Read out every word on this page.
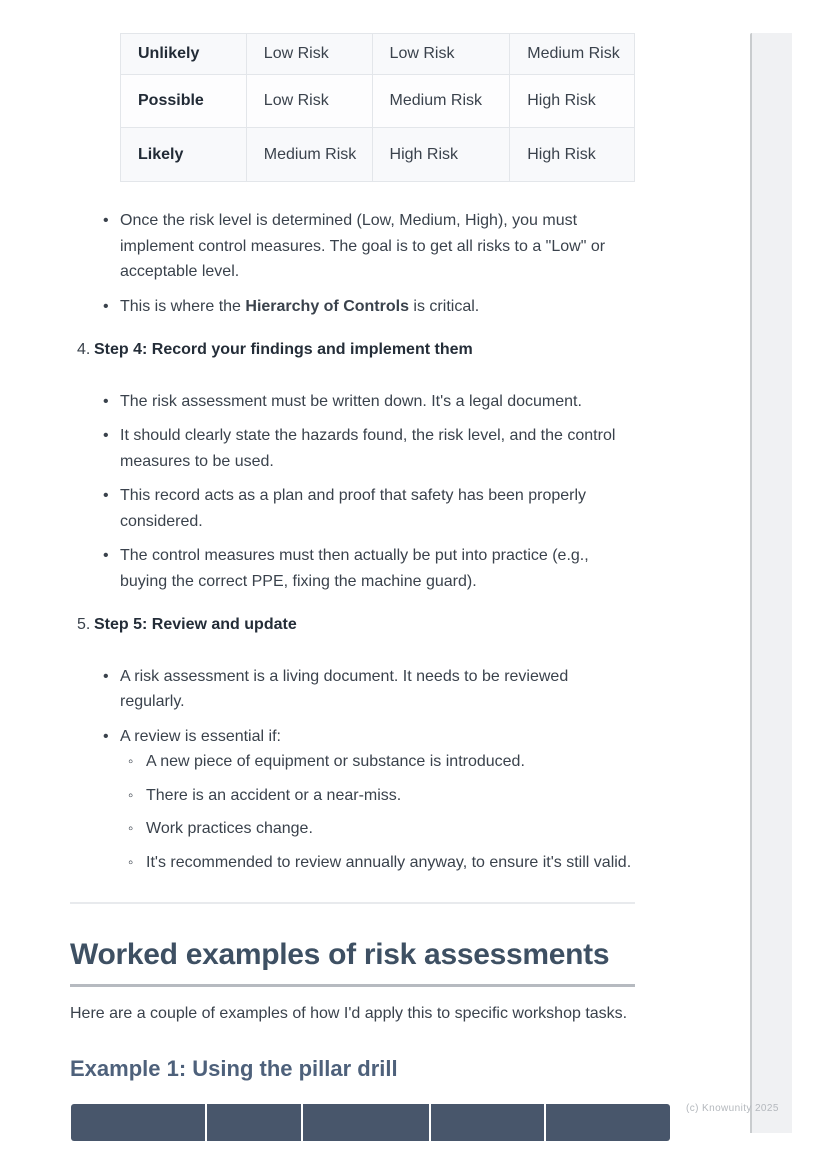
Unlikely	Low Risk	Low Risk	Medium Risk
Possible	Low Risk	Medium Risk	High Risk
Likely	Medium Risk	High Risk	High Risk
• Once the risk level is determined (Low, Medium, High), you must implement control measures. The goal is to get all risks to a "Low" or acceptable level.
• This is where the Hierarchy of Controls is critical.
4. Step 4: Record your findings and implement them
• The risk assessment must be written down. It's a legal document.
• It should clearly state the hazards found, the risk level, and the control measures to be used.
• This record acts as a plan and proof that safety has been properly considered.
• The control measures must then actually be put into practice (e.g., buying the correct PPE, fixing the machine guard).
5. Step 5: Review and update
• A risk assessment is a living document. It needs to be reviewed regularly.
• A review is essential if:
◦ A new piece of equipment or substance is introduced.
◦ There is an accident or a near-miss.
◦ Work practices change.
◦ It's recommended to review annually anyway, to ensure it's still valid.
Worked examples of risk assessments

Here are a couple of examples of how I'd apply this to specific workshop tasks.

Example 1: Using the pillar drill
(c) Knowunity 2025
